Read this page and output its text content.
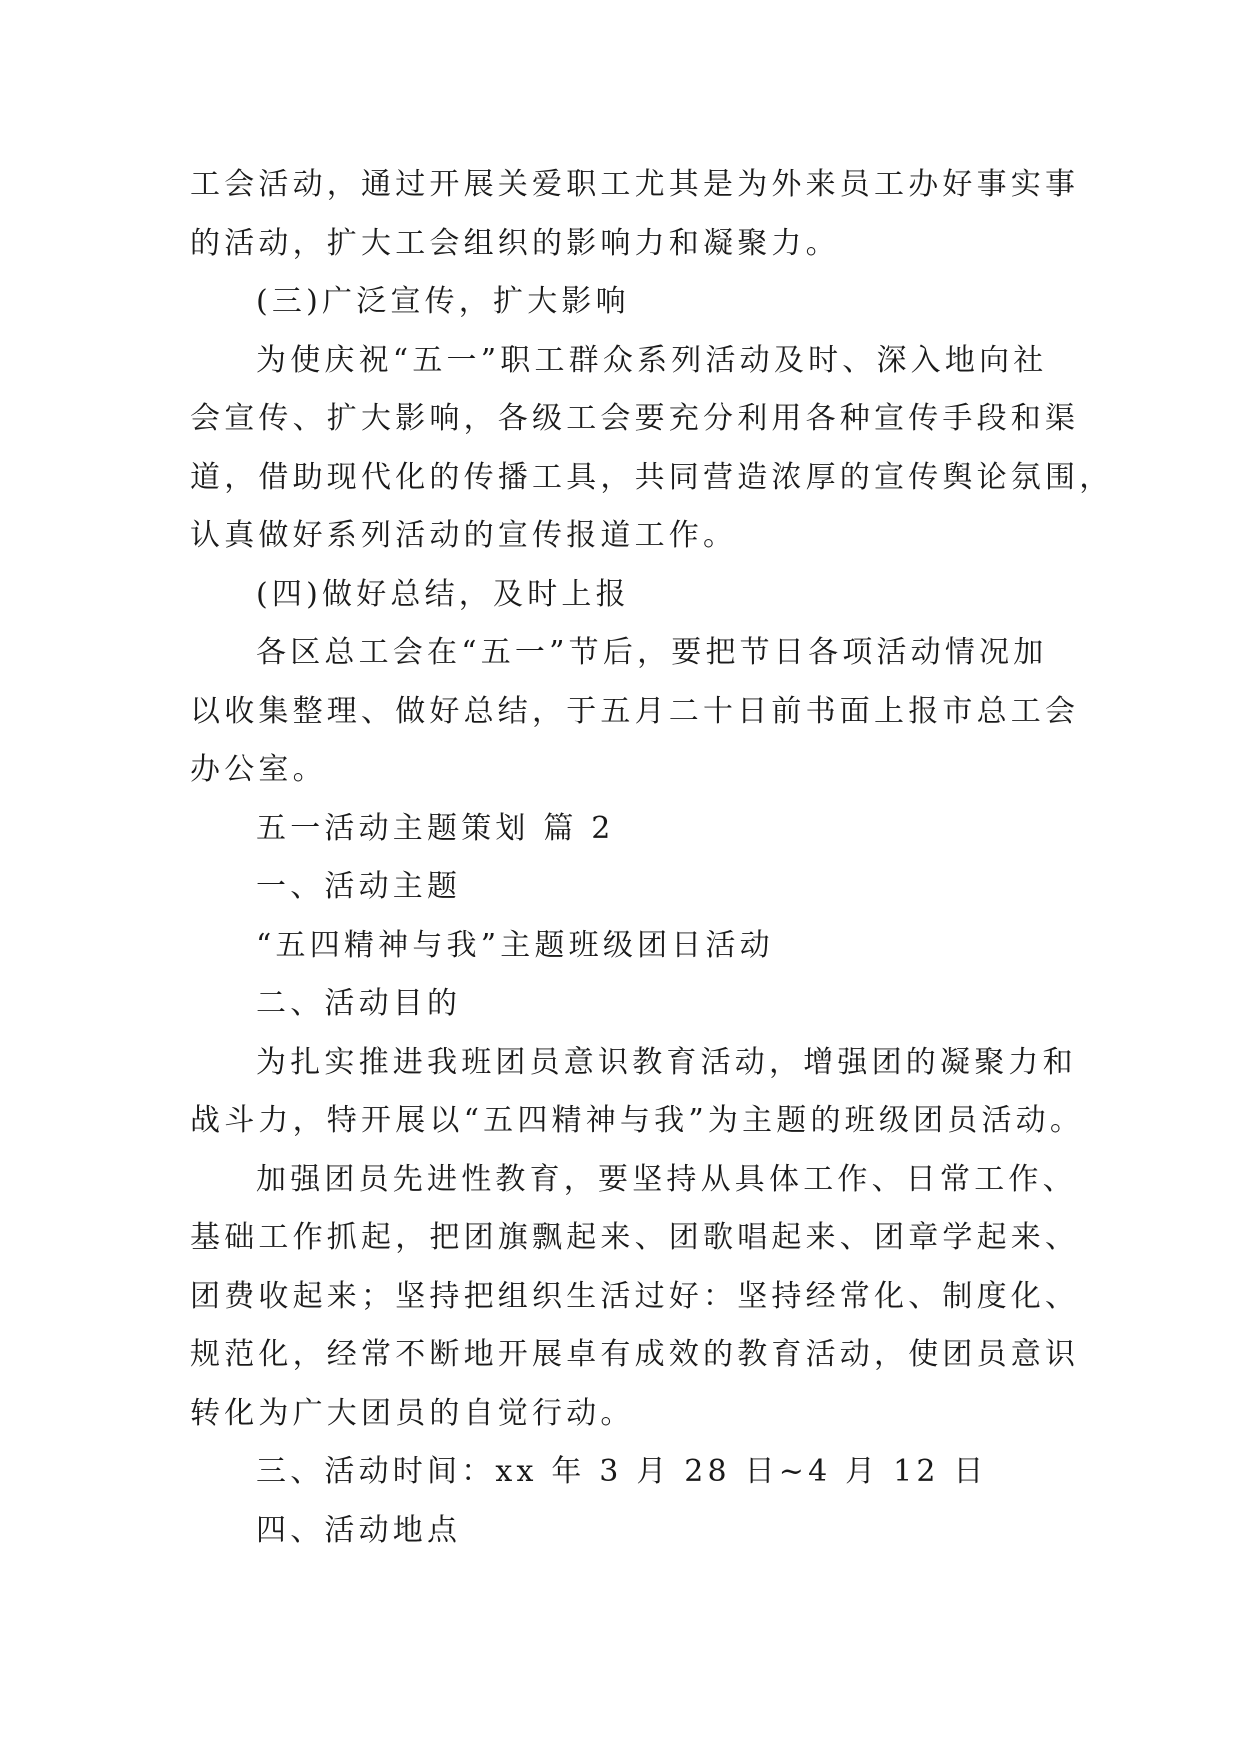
工会活动，通过开展关爱职工尤其是为外来员工办好事实事
的活动，扩大工会组织的影响力和凝聚力。
(三)广泛宣传，扩大影响
为使庆祝“五一”职工群众系列活动及时、深入地向社
会宣传、扩大影响，各级工会要充分利用各种宣传手段和渠
道，借助现代化的传播工具，共同营造浓厚的宣传舆论氛围，
认真做好系列活动的宣传报道工作。
(四)做好总结，及时上报
各区总工会在“五一”节后，要把节日各项活动情况加
以收集整理、做好总结，于五月二十日前书面上报市总工会
办公室。
五一活动主题策划 篇 2
一、活动主题
“五四精神与我”主题班级团日活动
二、活动目的
为扎实推进我班团员意识教育活动，增强团的凝聚力和
战斗力，特开展以“五四精神与我”为主题的班级团员活动。
加强团员先进性教育，要坚持从具体工作、日常工作、
基础工作抓起，把团旗飘起来、团歌唱起来、团章学起来、
团费收起来；坚持把组织生活过好：坚持经常化、制度化、
规范化，经常不断地开展卓有成效的教育活动，使团员意识
转化为广大团员的自觉行动。
三、活动时间：xx 年 3 月 28 日~4 月 12 日
四、活动地点
